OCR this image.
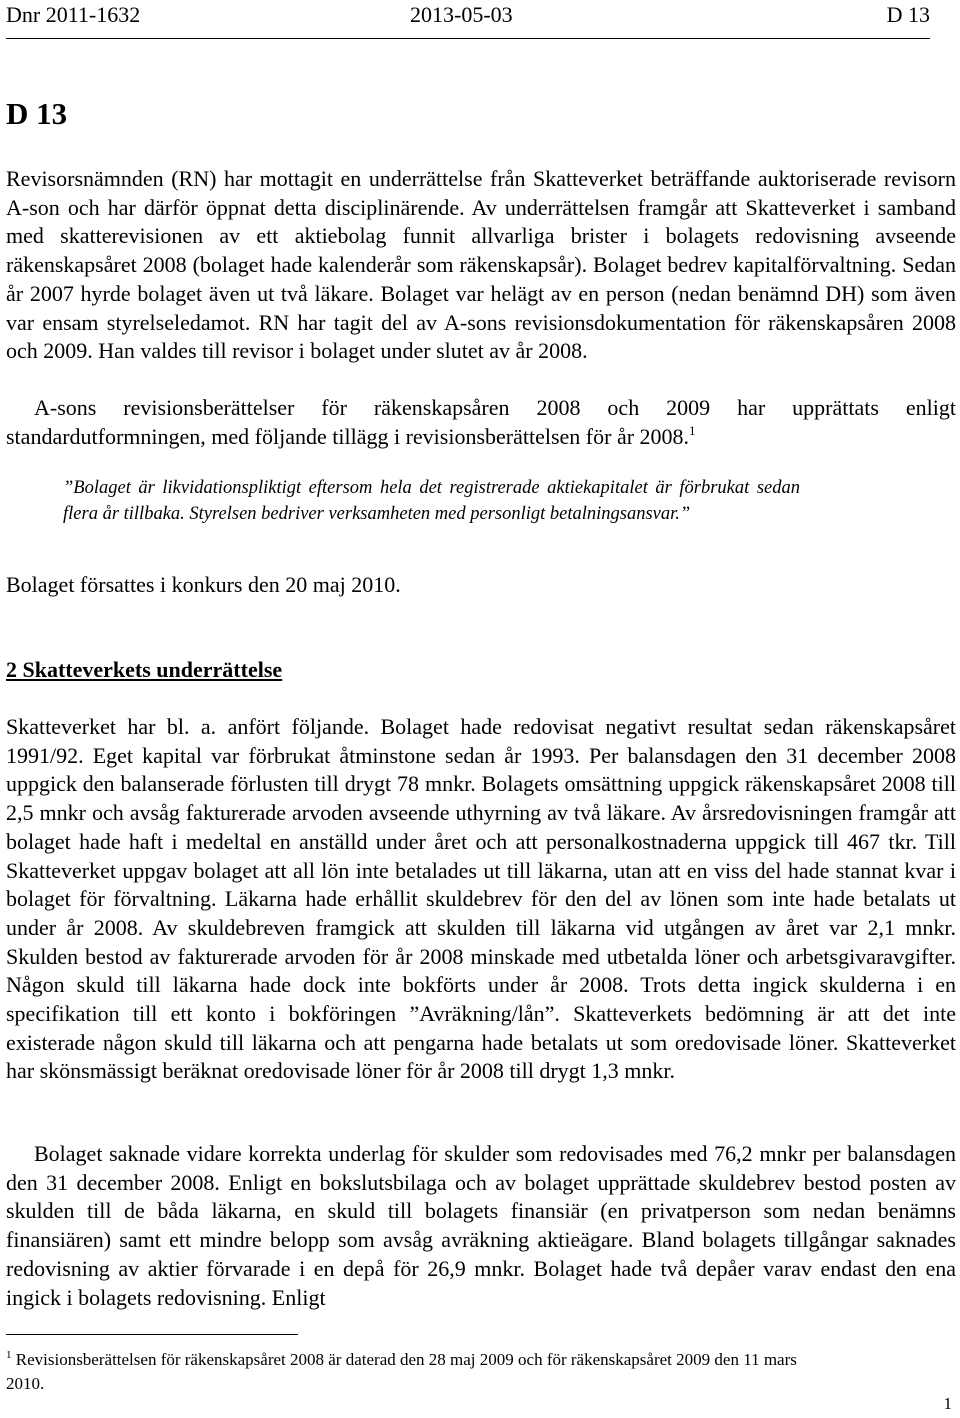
Dnr 2011-1632	2013-05-03	D 13
D 13

Revisorsnämnden (RN) har mottagit en underrättelse från Skatteverket beträffande auktoriserade revisorn A-son och har därför öppnat detta disciplinärende. Av underrättelsen framgår att Skatteverket i samband med skatterevisionen av ett aktiebolag funnit allvarliga brister i bolagets redovisning avseende räkenskapsåret 2008 (bolaget hade kalenderår som räkenskapsår). Bolaget bedrev kapitalförvaltning. Sedan år 2007 hyrde bolaget även ut två läkare. Bolaget var helägt av en person (nedan benämnd DH) som även var ensam styrelseledamot. RN har tagit del av A-sons revisionsdokumentation för räkenskapsåren 2008 och 2009. Han valdes till revisor i bolaget under slutet av år 2008.

A-sons revisionsberättelser för räkenskapsåren 2008 och 2009 har upprättats enligt standardutformningen, med följande tillägg i revisionsberättelsen för år 2008.$^1$

”Bolaget är likvidationspliktigt eftersom hela det registrerade aktiekapitalet är förbrukat sedan flera år tillbaka. Styrelsen bedriver verksamheten med personligt betalningsansvar.”

Bolaget försattes i konkurs den 20 maj 2010.

2 Skatteverkets underrättelse

Skatteverket har bl. a. anfört följande. Bolaget hade redovisat negativt resultat sedan räkenskapsåret 1991/92. Eget kapital var förbrukat åtminstone sedan år 1993. Per balansdagen den 31 december 2008 uppgick den balanserade förlusten till drygt 78 mnkr. Bolagets omsättning uppgick räkenskapsåret 2008 till 2,5 mnkr och avsåg fakturerade arvoden avseende uthyrning av två läkare. Av årsredovisningen framgår att bolaget hade haft i medeltal en anställd under året och att personalkostnaderna uppgick till 467 tkr. Till Skatteverket uppgav bolaget att all lön inte betalades ut till läkarna, utan att en viss del hade stannat kvar i bolaget för förvaltning. Läkarna hade erhållit skuldebrev för den del av lönen som inte hade betalats ut under år 2008. Av skuldebreven framgick att skulden till läkarna vid utgången av året var 2,1 mnkr. Skulden bestod av fakturerade arvoden för år 2008 minskade med utbetalda löner och arbetsgivaravgifter. Någon skuld till läkarna hade dock inte bokförts under år 2008. Trots detta ingick skulderna i en specifikation till ett konto i bokföringen ”Avräkning/lån”. Skatteverkets bedömning är att det inte existerade någon skuld till läkarna och att pengarna hade betalats ut som oredovisade löner. Skatteverket har skönsmässigt beräknat oredovisade löner för år 2008 till drygt 1,3 mnkr.

Bolaget saknade vidare korrekta underlag för skulder som redovisades med 76,2 mnkr per balansdagen den 31 december 2008. Enligt en bokslutsbilaga och av bolaget upprättade skuldebrev bestod posten av skulden till de båda läkarna, en skuld till bolagets finansiär (en privatperson som nedan benämns finansiären) samt ett mindre belopp som avsåg avräkning aktieägare. Bland bolagets tillgångar saknades redovisning av aktier förvarade i en depå för 26,9 mnkr. Bolaget hade två depåer varav endast den ena ingick i bolagets redovisning. Enligt

$^1$ Revisionsberättelsen för räkenskapsåret 2008 är daterad den 28 maj 2009 och för räkenskapsåret 2009 den 11 mars 2010.

1
